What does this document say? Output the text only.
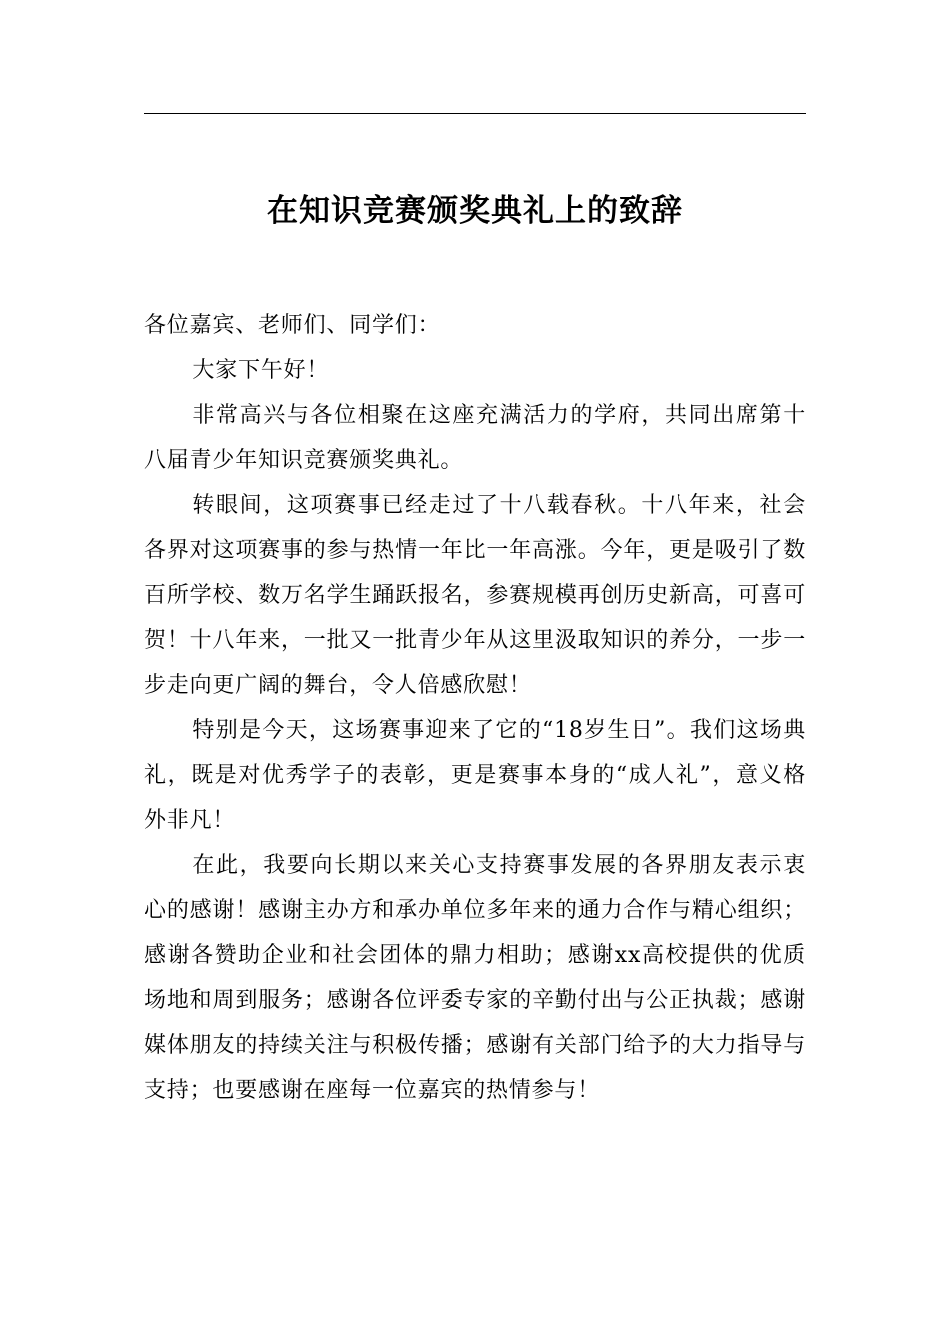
在知识竞赛颁奖典礼上的致辞

各位嘉宾、老师们、同学们：

大家下午好！

非常高兴与各位相聚在这座充满活力的学府，共同出席第十八届青少年知识竞赛颁奖典礼。

转眼间，这项赛事已经走过了十八载春秋。十八年来，社会各界对这项赛事的参与热情一年比一年高涨。今年，更是吸引了数百所学校、数万名学生踊跃报名，参赛规模再创历史新高，可喜可贺！十八年来，一批又一批青少年从这里汲取知识的养分，一步一步走向更广阔的舞台，令人倍感欣慰！

特别是今天，这场赛事迎来了它的“18岁生日”。我们这场典礼，既是对优秀学子的表彰，更是赛事本身的“成人礼”，意义格外非凡！

在此，我要向长期以来关心支持赛事发展的各界朋友表示衷心的感谢！感谢主办方和承办单位多年来的通力合作与精心组织；感谢各赞助企业和社会团体的鼎力相助；感谢xx高校提供的优质场地和周到服务；感谢各位评委专家的辛勤付出与公正执裁；感谢媒体朋友的持续关注与积极传播；感谢有关部门给予的大力指导与支持；也要感谢在座每一位嘉宾的热情参与！
